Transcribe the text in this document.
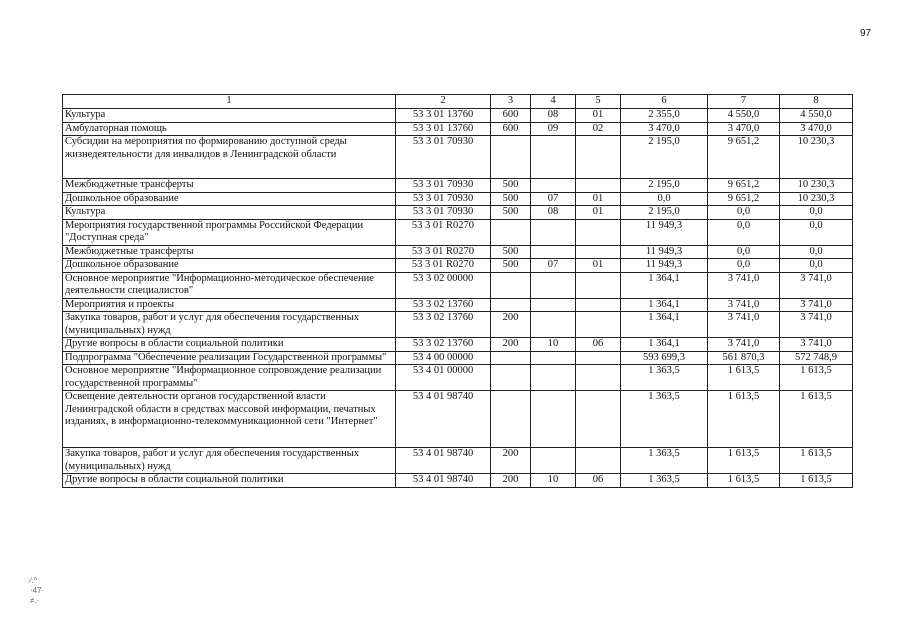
97
1	2	3	4	5	6	7	8
Культура	53 3 01 13760	600	08	01	2 355,0	4 550,0	4 550,0
Амбулаторная помощь	53 3 01 13760	600	09	02	3 470,0	3 470,0	3 470,0
Субсидии на мероприятия по формированию доступной среды жизнедеятельности для инвалидов в Ленинградской области	53 3 01 70930				2 195,0	9 651,2	10 230,3
Межбюджетные трансферты	53 3 01 70930	500			2 195,0	9 651,2	10 230,3
Дошкольное образование	53 3 01 70930	500	07	01	0,0	9 651,2	10 230,3
Культура	53 3 01 70930	500	08	01	2 195,0	0,0	0,0
Мероприятия государственной программы Российской Федерации "Доступная среда"	53 3 01 R0270				11 949,3	0,0	0,0
Межбюджетные трансферты	53 3 01 R0270	500			11 949,3	0,0	0,0
Дошкольное образование	53 3 01 R0270	500	07	01	11 949,3	0,0	0,0
Основное мероприятие "Информационно-методическое обеспечение деятельности специалистов"	53 3 02 00000				1 364,1	3 741,0	3 741,0
Мероприятия и проекты	53 3 02 13760				1 364,1	3 741,0	3 741,0
Закупка товаров, работ и услуг для обеспечения государственных (муниципальных) нужд	53 3 02 13760	200			1 364,1	3 741,0	3 741,0
Другие вопросы в области социальной политики	53 3 02 13760	200	10	06	1 364,1	3 741,0	3 741,0
Подпрограмма "Обеспечение реализации Государственной программы"	53 4 00 00000				593 699,3	561 870,3	572 748,9
Основное мероприятие "Информационное сопровождение реализации государственной программы"	53 4 01 00000				1 363,5	1 613,5	1 613,5
Освещение деятельности органов государственной власти Ленинградской области в средствах массовой информации, печатных изданиях, в информационно-телекоммуникационной сети "Интернет"	53 4 01 98740				1 363,5	1 613,5	1 613,5
Закупка товаров, работ и услуг для обеспечения государственных (муниципальных) нужд	53 4 01 98740	200			1 363,5	1 613,5	1 613,5
Другие вопросы в области социальной политики	53 4 01 98740	200	10	06	1 363,5	1 613,5	1 613,5
⁄.^
·47·
≠.·
